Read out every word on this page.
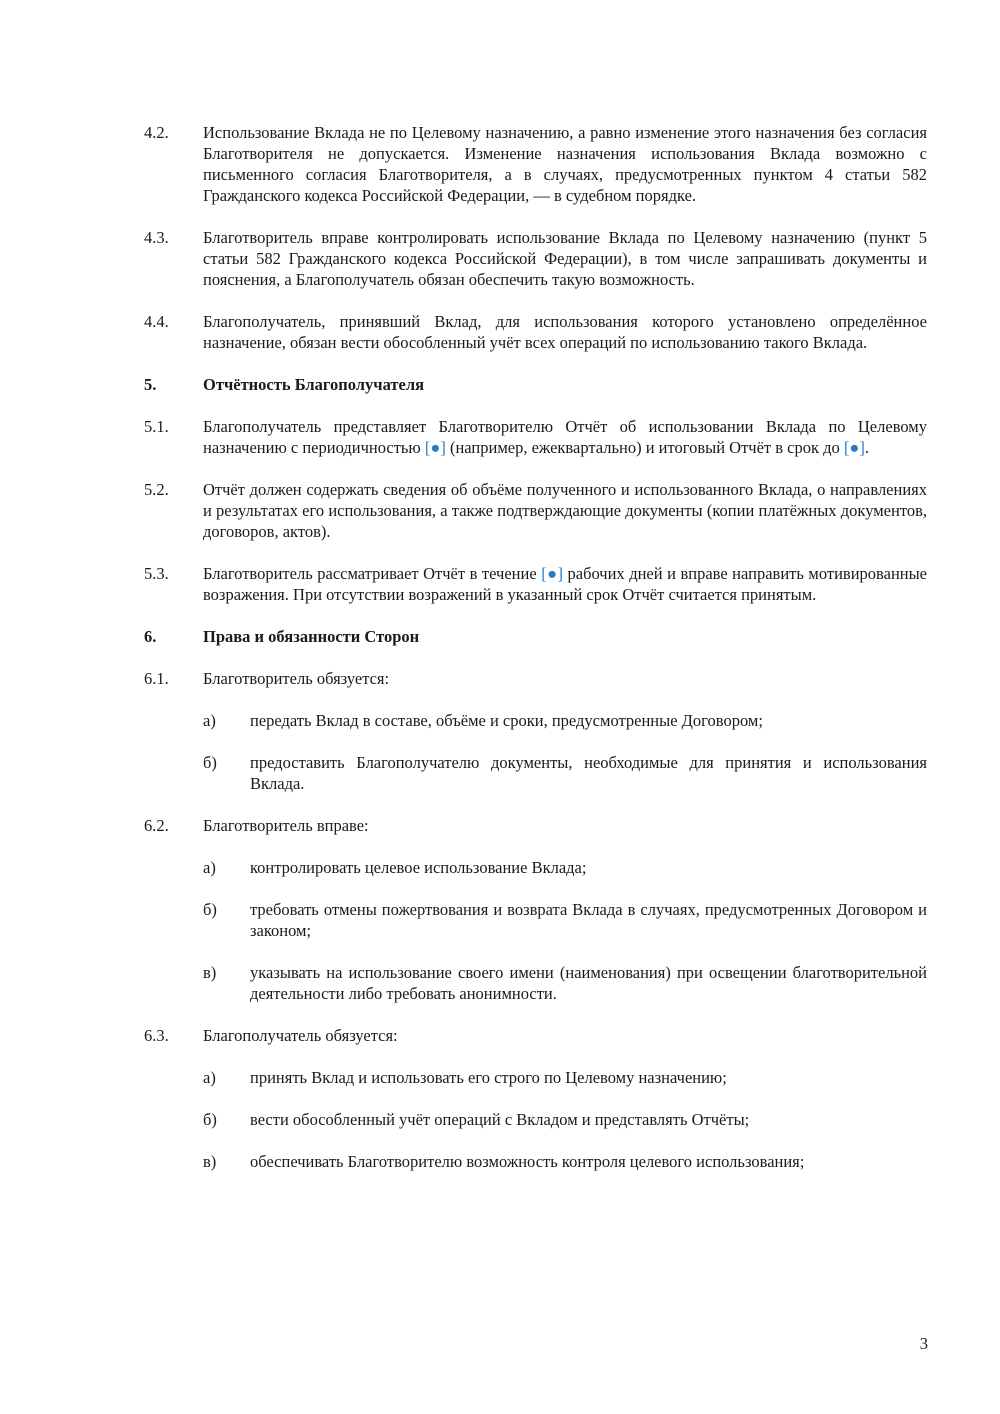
4.2.	Использование Вклада не по Целевому назначению, а равно изменение этого назначения без согласия Благотворителя не допускается. Изменение назначения использования Вклада возможно с письменного согласия Благотворителя, а в случаях, предусмотренных пунктом 4 статьи 582 Гражданского кодекса Российской Федерации, — в судебном порядке.
4.3.	Благотворитель вправе контролировать использование Вклада по Целевому назначению (пункт 5 статьи 582 Гражданского кодекса Российской Федерации), в том числе запрашивать документы и пояснения, а Благополучатель обязан обеспечить такую возможность.
4.4.	Благополучатель, принявший Вклад, для использования которого установлено определённое назначение, обязан вести обособленный учёт всех операций по использованию такого Вклада.
5.	Отчётность Благополучателя
5.1.	Благополучатель представляет Благотворителю Отчёт об использовании Вклада по Целевому назначению с периодичностью [●] (например, ежеквартально) и итоговый Отчёт в срок до [●].
5.2.	Отчёт должен содержать сведения об объёме полученного и использованного Вклада, о направлениях и результатах его использования, а также подтверждающие документы (копии платёжных документов, договоров, актов).
5.3.	Благотворитель рассматривает Отчёт в течение [●] рабочих дней и вправе направить мотивированные возражения. При отсутствии возражений в указанный срок Отчёт считается принятым.
6.	Права и обязанности Сторон
6.1.	Благотворитель обязуется:
а)	передать Вклад в составе, объёме и сроки, предусмотренные Договором;
б)	предоставить Благополучателю документы, необходимые для принятия и использования Вклада.
6.2.	Благотворитель вправе:
а)	контролировать целевое использование Вклада;
б)	требовать отмены пожертвования и возврата Вклада в случаях, предусмотренных Договором и законом;
в)	указывать на использование своего имени (наименования) при освещении благотворительной деятельности либо требовать анонимности.
6.3.	Благополучатель обязуется:
а)	принять Вклад и использовать его строго по Целевому назначению;
б)	вести обособленный учёт операций с Вкладом и представлять Отчёты;
в)	обеспечивать Благотворителю возможность контроля целевого использования;
3
